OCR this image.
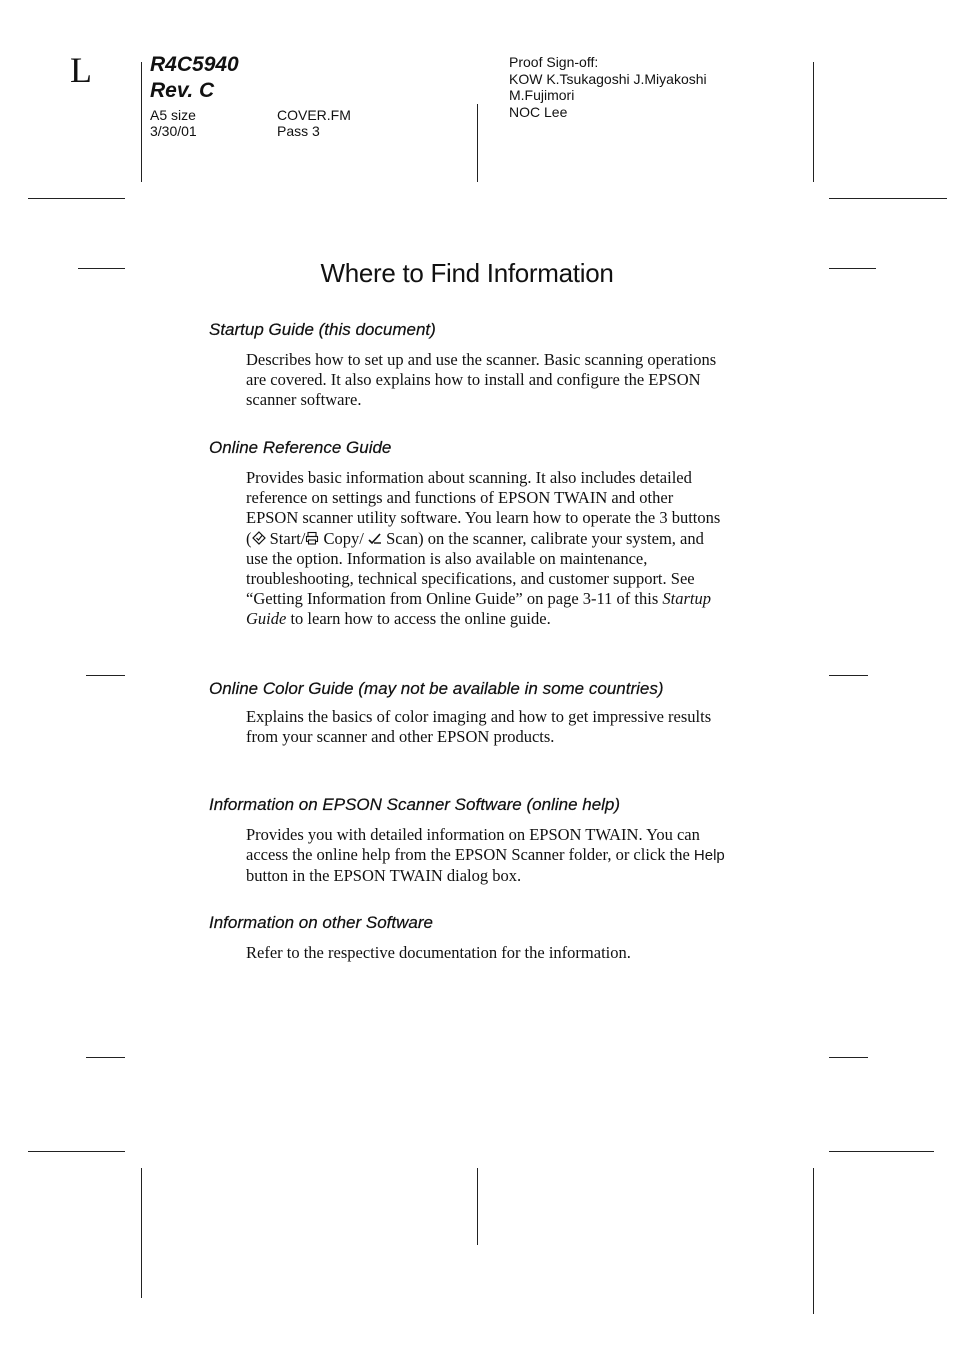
L	R4C5940
Rev. C
A5 size
3/30/01
COVER.FM
Pass 3
Proof Sign-off:
KOW K.Tsukagoshi J.Miyakoshi
M.Fujimori
NOC Lee
Where to Find Information
Startup Guide (this document)

Describes how to set up and use the scanner. Basic scanning operations are covered. It also explains how to install and configure the EPSON scanner software.

Online Reference Guide

Provides basic information about scanning. It also includes detailed reference on settings and functions of EPSON TWAIN and other EPSON scanner utility software. You learn how to operate the 3 buttons ( Start/ Copy/ Scan) on the scanner, calibrate your system, and use the option. Information is also available on maintenance, troubleshooting, technical specifications, and customer support. See “Getting Information from Online Guide” on page 3-11 of this Startup Guide to learn how to access the online guide.

Online Color Guide (may not be available in some countries)

Explains the basics of color imaging and how to get impressive results from your scanner and other EPSON products.

Information on EPSON Scanner Software (online help)

Provides you with detailed information on EPSON TWAIN. You can access the online help from the EPSON Scanner folder, or click the Help button in the EPSON TWAIN dialog box.

Information on other Software

Refer to the respective documentation for the information.
